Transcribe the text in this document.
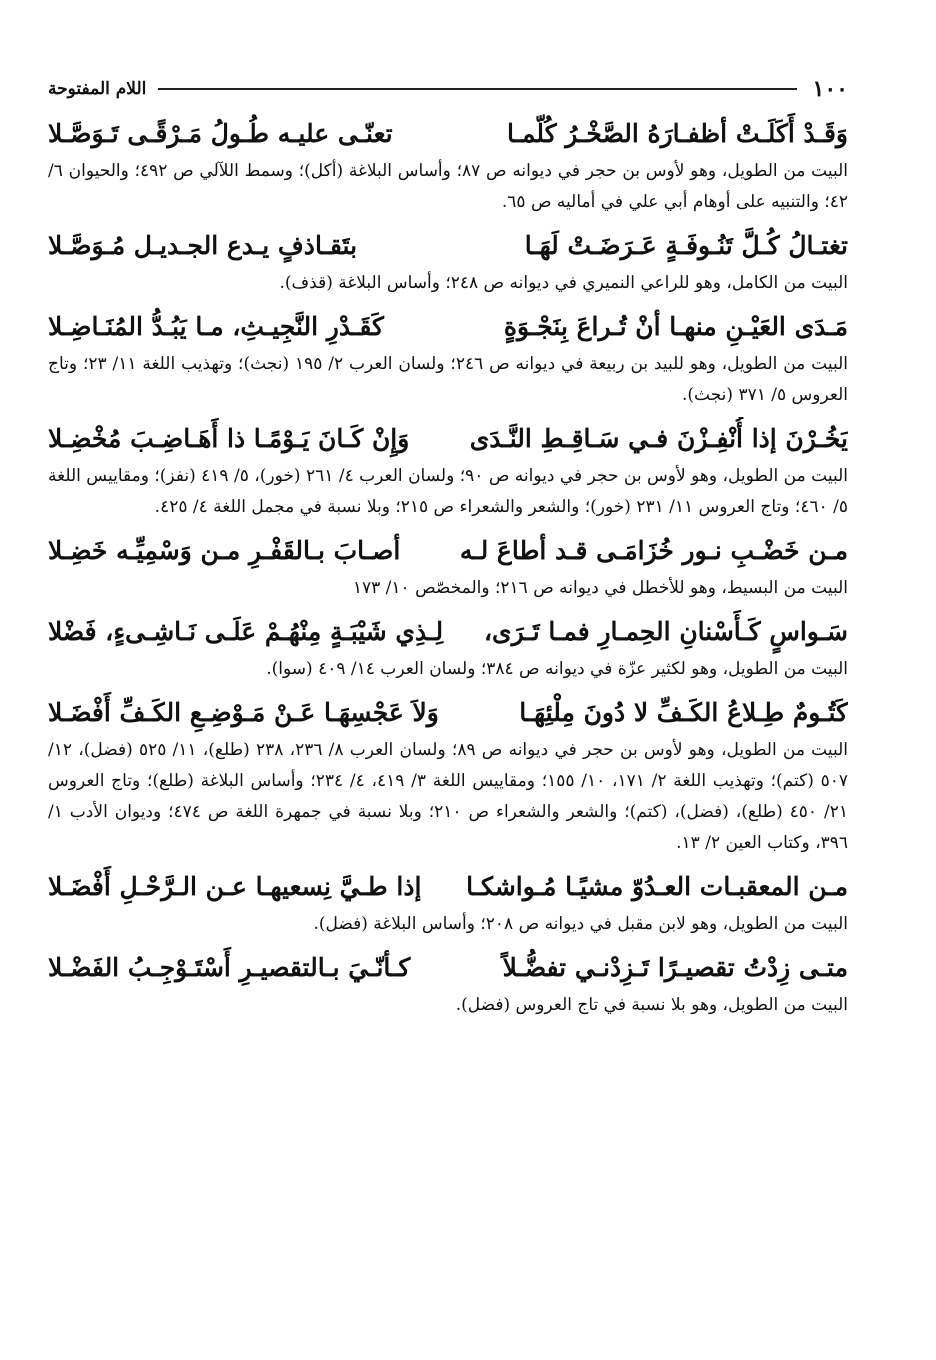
١٠٠
اللام المفتوحة
وَقَـدْ أَكَلَـتْ أظفـارَهُ الصَّخْـرُ كُلّمـا
تعنّـى عليـه طُـولُ مَـرْقًـى تَـوَصَّـلا

البيت من الطويل، وهو لأوس بن حجر في ديوانه ص ٨٧؛ وأساس البلاغة (أكل)؛ وسمط اللآلي ص ٤٩٢؛ والحيوان ٦/ ٤٢؛ والتنبيه على أوهام أبي علي في أماليه ص ٦٥.

تغتـالُ كُـلَّ تَنُـوفَـةٍ عَـرَضَـتْ لَهَـا
بتَقـاذفٍ يـدع الجـديـل مُـوَصَّـلا

البيت من الكامل، وهو للراعي النميري في ديوانه ص ٢٤٨؛ وأساس البلاغة (قذف).

مَـدَى العَيْـنِ منهـا أنْ تُـراعَ بِنَجْـوَةٍ
كَقَـدْرِ النَّجِيـثِ، مـا يَبُـدُّ المُنَـاضِـلا

البيت من الطويل، وهو للبيد بن ربيعة في ديوانه ص ٢٤٦؛ ولسان العرب ٢/ ١٩٥ (نجث)؛ وتهذيب اللغة ١١/ ٢٣؛ وتاج العروس ٥/ ٣٧١ (نجث).

يَخُـرْنَ إذا أُنْفِـزْنَ فـي سَـاقِـطِ النَّـدَى
وَإِنْ كَـانَ يَـوْمًـا ذا أَهَـاضِـبَ مُخْضِـلا

البيت من الطويل، وهو لأوس بن حجر في ديوانه ص ٩٠؛ ولسان العرب ٤/ ٢٦١ (خور)، ٥/ ٤١٩ (نفز)؛ ومقاييس اللغة ٥/ ٤٦٠؛ وتاج العروس ١١/ ٢٣١ (خور)؛ والشعر والشعراء ص ٢١٥؛ وبلا نسبة في مجمل اللغة ٤/ ٤٢٥.

مـن خَضْـبِ نـور خُزَامَـى قـد أطاعَ لـه
أصـابَ بـالقَفْـرِ مـن وَسْمِيِّـه خَضِـلا

البيت من البسيط، وهو للأخطل في ديوانه ص ٢١٦؛ والمخصّص ١٠/ ١٧٣

سَـواسٍ كَـأَسْنانِ الحِمـارِ فمـا تَـرَى،
لِـذِي شَيْبَـةٍ مِنْهُـمْ عَلَـى نَـاشِـىءٍ، فَضْلا

البيت من الطويل، وهو لكثير عزّة في ديوانه ص ٣٨٤؛ ولسان العرب ١٤/ ٤٠٩ (سوا).

كَتُـومٌ طِـلاعُ الكَـفِّ لا دُونَ مِلْئِهَـا
وَلاَ عَجْسِهَـا عَـنْ مَـوْضِـعِ الكَـفِّ أَفْضَـلا

البيت من الطويل، وهو لأوس بن حجر في ديوانه ص ٨٩؛ ولسان العرب ٨/ ٢٣٦، ٢٣٨ (طلع)، ١١/ ٥٢٥ (فضل)، ١٢/ ٥٠٧ (كتم)؛ وتهذيب اللغة ٢/ ١٧١، ١٠/ ١٥٥؛ ومقاييس اللغة ٣/ ٤١٩، ٤/ ٢٣٤؛ وأساس البلاغة (طلع)؛ وتاج العروس ٢١/ ٤٥٠ (طلع)، (فضل)، (كتم)؛ والشعر والشعراء ص ٢١٠؛ وبلا نسبة في جمهرة اللغة ص ٤٧٤؛ وديوان الأدب ١/ ٣٩٦، وكتاب العين ٢/ ١٣.

مـن المعقبـات العـدُوّ مشيًـا مُـواشكـا
إذا طـيَّ نِسعيهـا عـن الـرَّحْـلِ أَفْضَـلا

البيت من الطويل، وهو لابن مقبل في ديوانه ص ٢٠٨؛ وأساس البلاغة (فضل).

متـى زِدْتُ تقصيـرًا تَـزِدْنـي تفضُّـلاً
كـأنّـيَ بـالتقصيـرِ أَسْتَـوْجِـبُ الفَضْـلا

البيت من الطويل، وهو بلا نسبة في تاج العروس (فضل).
